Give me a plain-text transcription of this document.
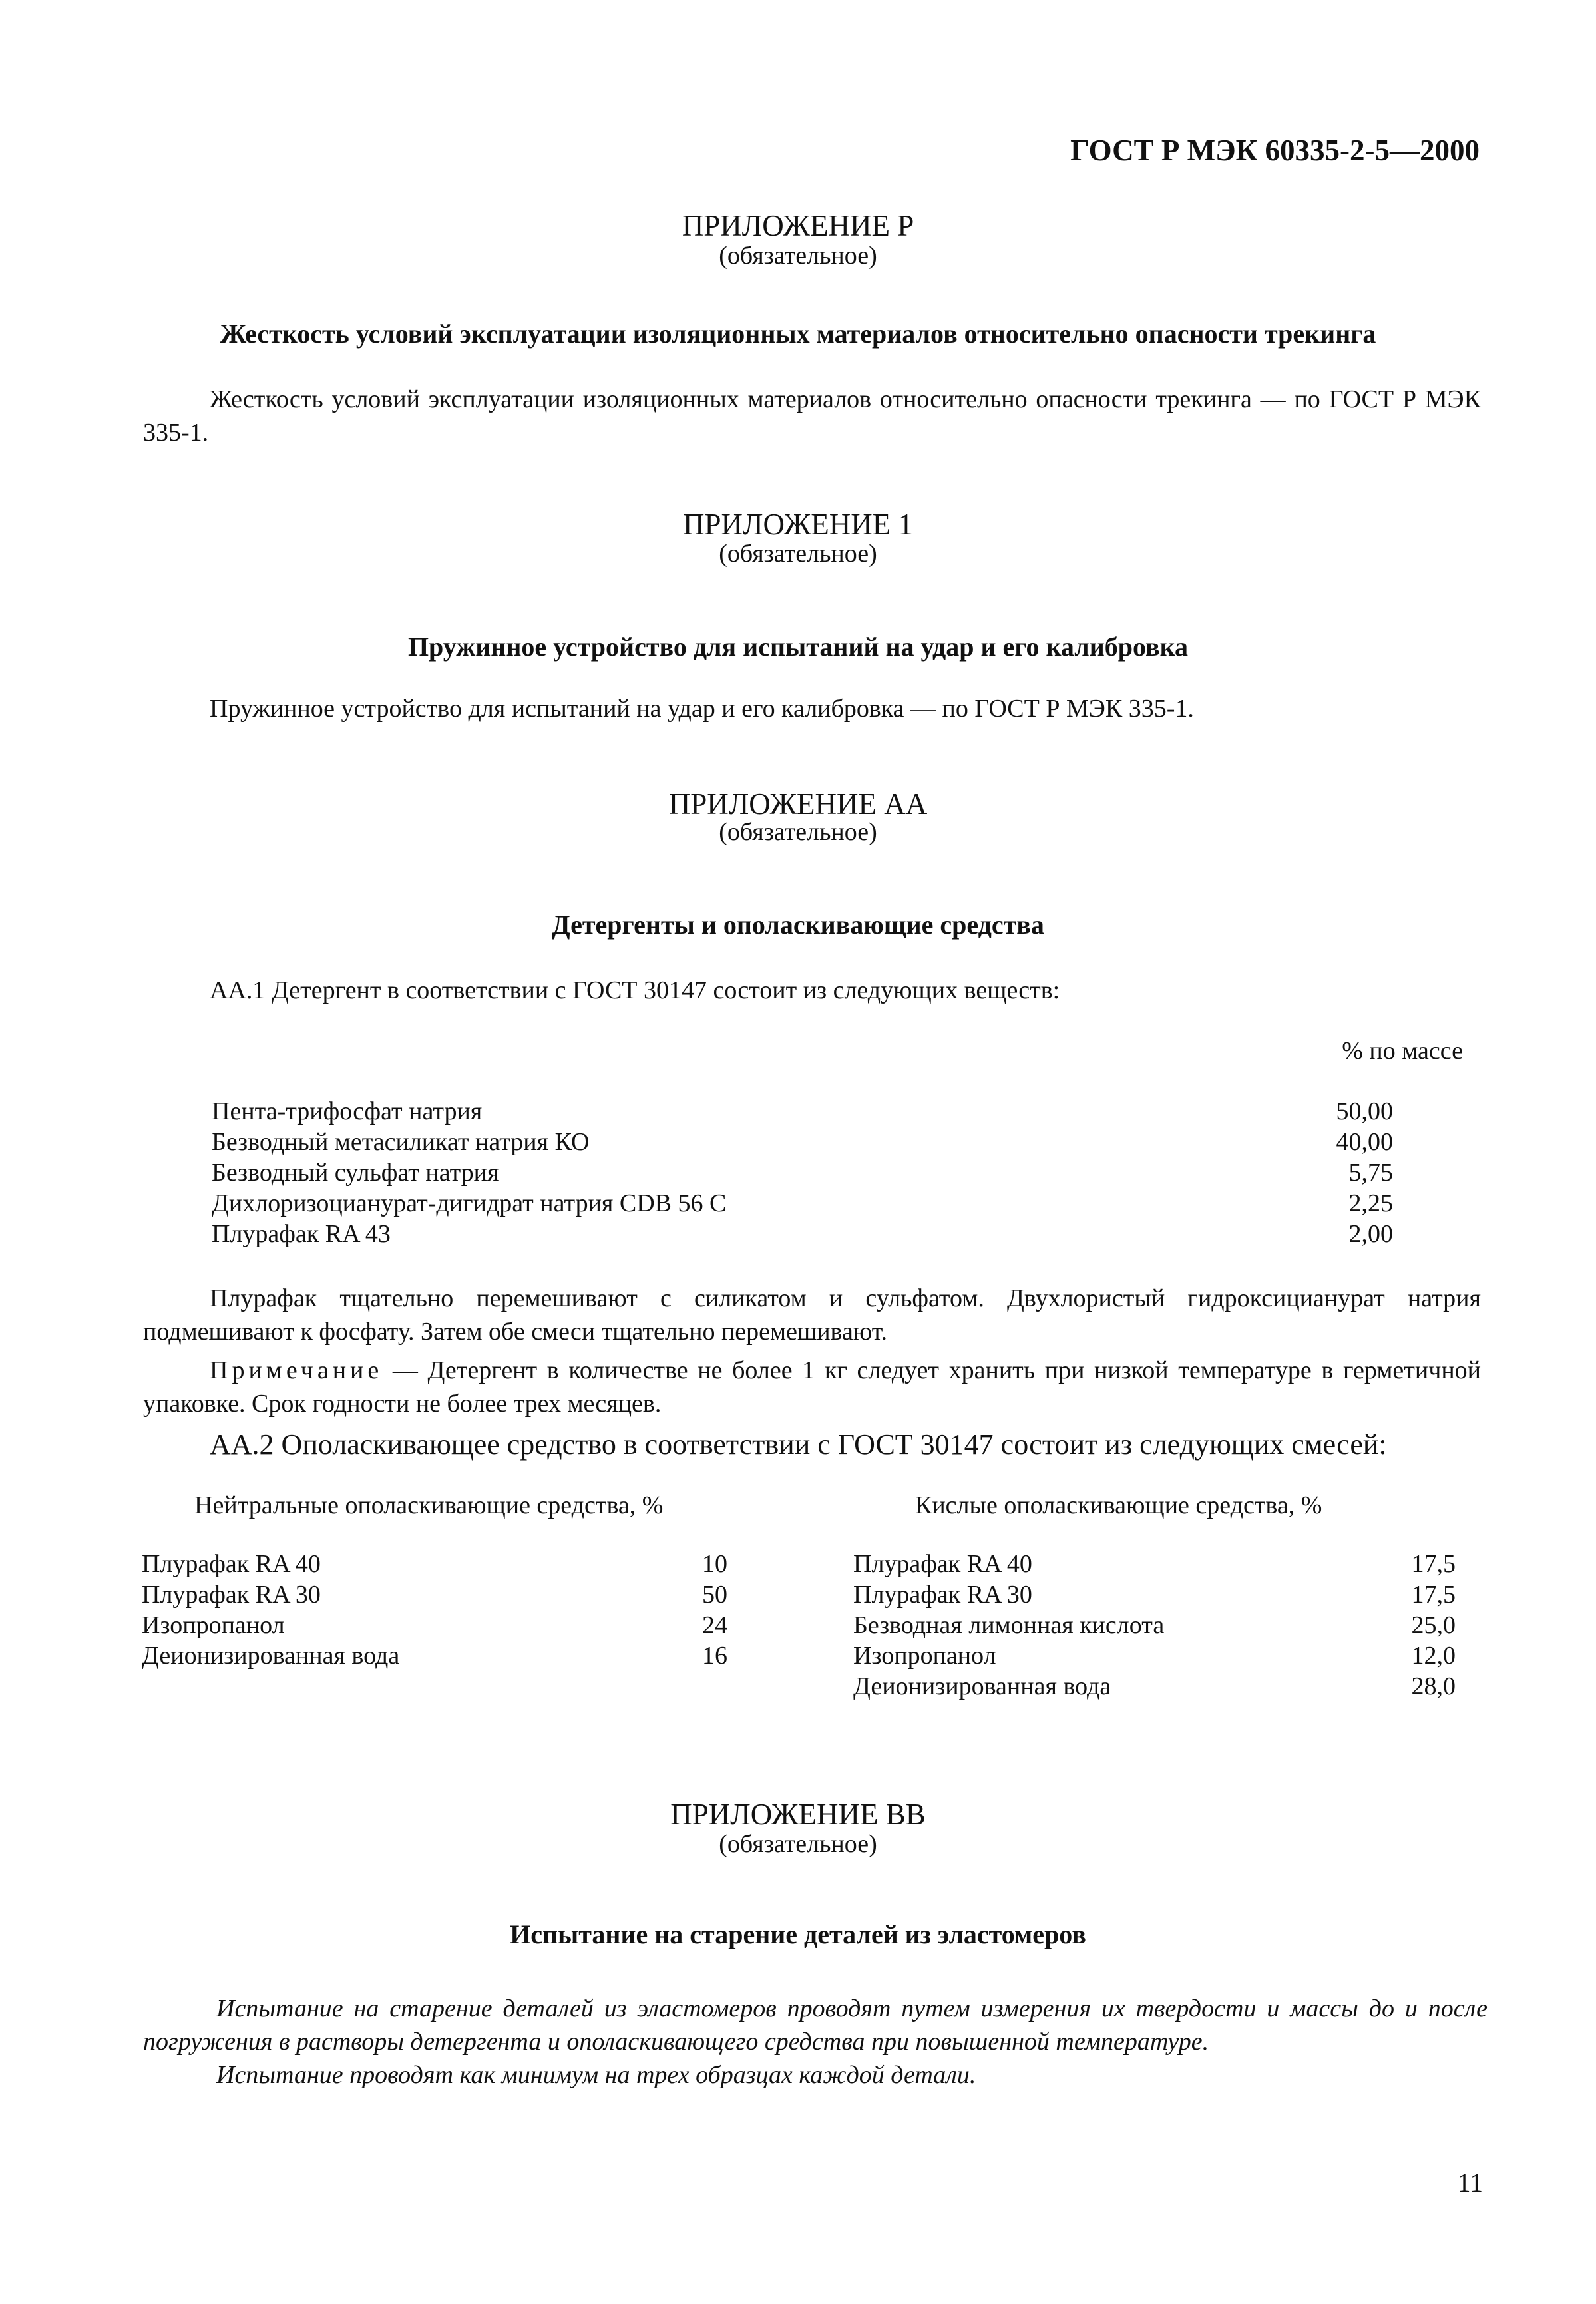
ГОСТ Р МЭК 60335-2-5—2000
ПРИЛОЖЕНИЕ Р
(обязательное)
Жесткость условий эксплуатации изоляционных материалов относительно опасности трекинга
Жесткость условий эксплуатации изоляционных материалов относительно опасности трекинга — по ГОСТ Р МЭК 335-1.
ПРИЛОЖЕНИЕ 1
(обязательное)
Пружинное устройство для испытаний на удар и его калибровка
Пружинное устройство для испытаний на удар и его калибровка — по ГОСТ Р МЭК 335-1.
ПРИЛОЖЕНИЕ АА
(обязательное)
Детергенты и ополаскивающие средства
АА.1 Детергент в соответствии с ГОСТ 30147 состоит из следующих веществ:
% по массе
Пента-трифосфат натрия	50,00
Безводный метасиликат натрия КО	40,00
Безводный сульфат натрия	5,75
Дихлоризоцианурат-дигидрат натрия CDB 56 С	2,25
Плурафак RA 43	2,00
Плурафак тщательно перемешивают с силикатом и сульфатом. Двухлористый гидроксицианурат натрия подмешивают к фосфату. Затем обе смеси тщательно перемешивают.
Примечание — Детергент в количестве не более 1 кг следует хранить при низкой температуре в герметичной упаковке. Срок годности не более трех месяцев.
АА.2 Ополаскивающее средство в соответствии с ГОСТ 30147 состоит из следующих смесей:
Нейтральные ополаскивающие средства, %
Плурафак RA 40	10
Плурафак RA 30	50
Изопропанол	24
Деионизированная вода	16
Кислые ополаскивающие средства, %
Плурафак RA 40	17,5
Плурафак RA 30	17,5
Безводная лимонная кислота	25,0
Изопропанол	12,0
Деионизированная вода	28,0
ПРИЛОЖЕНИЕ ВВ
(обязательное)
Испытание на старение деталей из эластомеров
Испытание на старение деталей из эластомеров проводят путем измерения их твердости и массы до и после погружения в растворы детергента и ополаскивающего средства при повышенной температуре.
Испытание проводят как минимум на трех образцах каждой детали.
11
